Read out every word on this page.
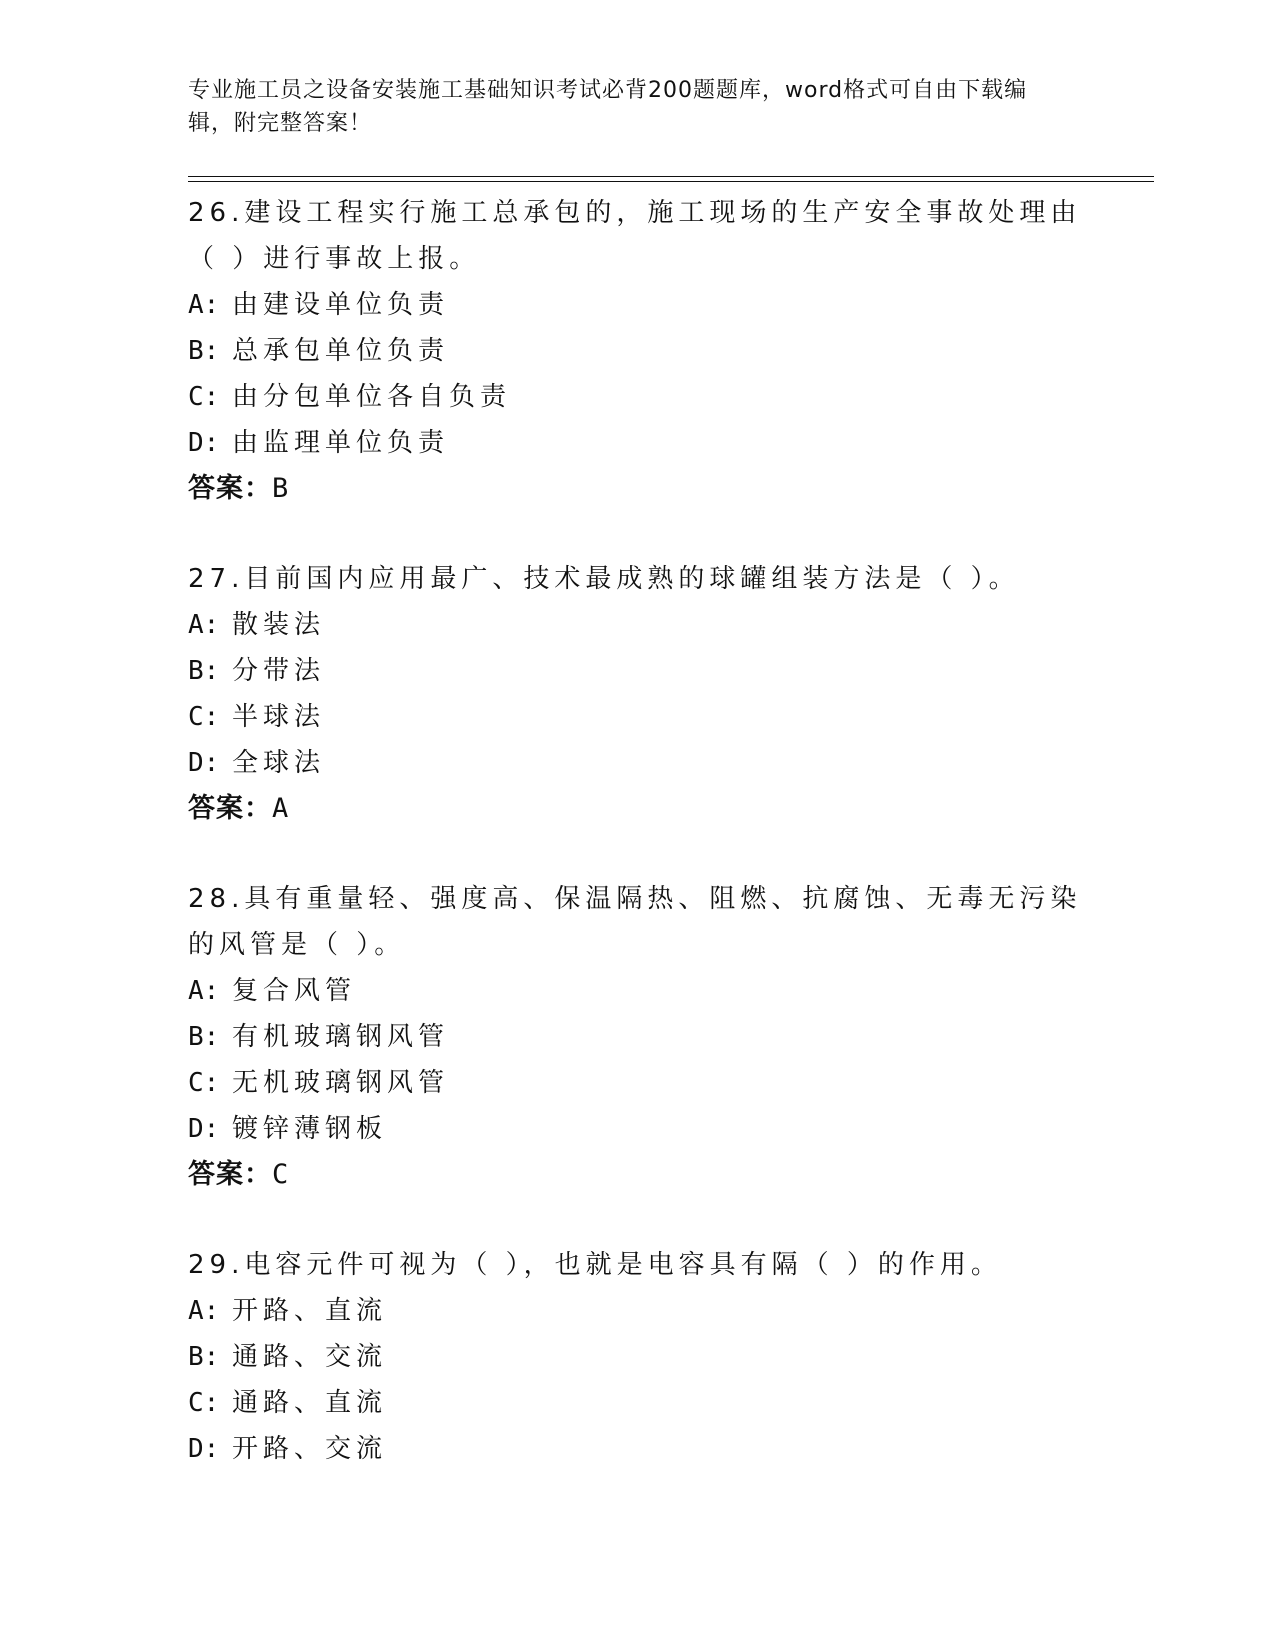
专业施工员之设备安装施工基础知识考试必背200题题库，word格式可自由下载编辑，附完整答案！
26.建设工程实行施工总承包的，施工现场的生产安全事故处理由（ ）进行事故上报。
A: 由建设单位负责
B: 总承包单位负责
C: 由分包单位各自负责
D: 由监理单位负责
答案：B
27.目前国内应用最广、技术最成熟的球罐组装方法是（ ）。
A: 散装法
B: 分带法
C: 半球法
D: 全球法
答案：A
28.具有重量轻、强度高、保温隔热、阻燃、抗腐蚀、无毒无污染的风管是（ ）。
A: 复合风管
B: 有机玻璃钢风管
C: 无机玻璃钢风管
D: 镀锌薄钢板
答案：C
29.电容元件可视为（ ），也就是电容具有隔（ ）的作用。
A: 开路、直流
B: 通路、交流
C: 通路、直流
D: 开路、交流
